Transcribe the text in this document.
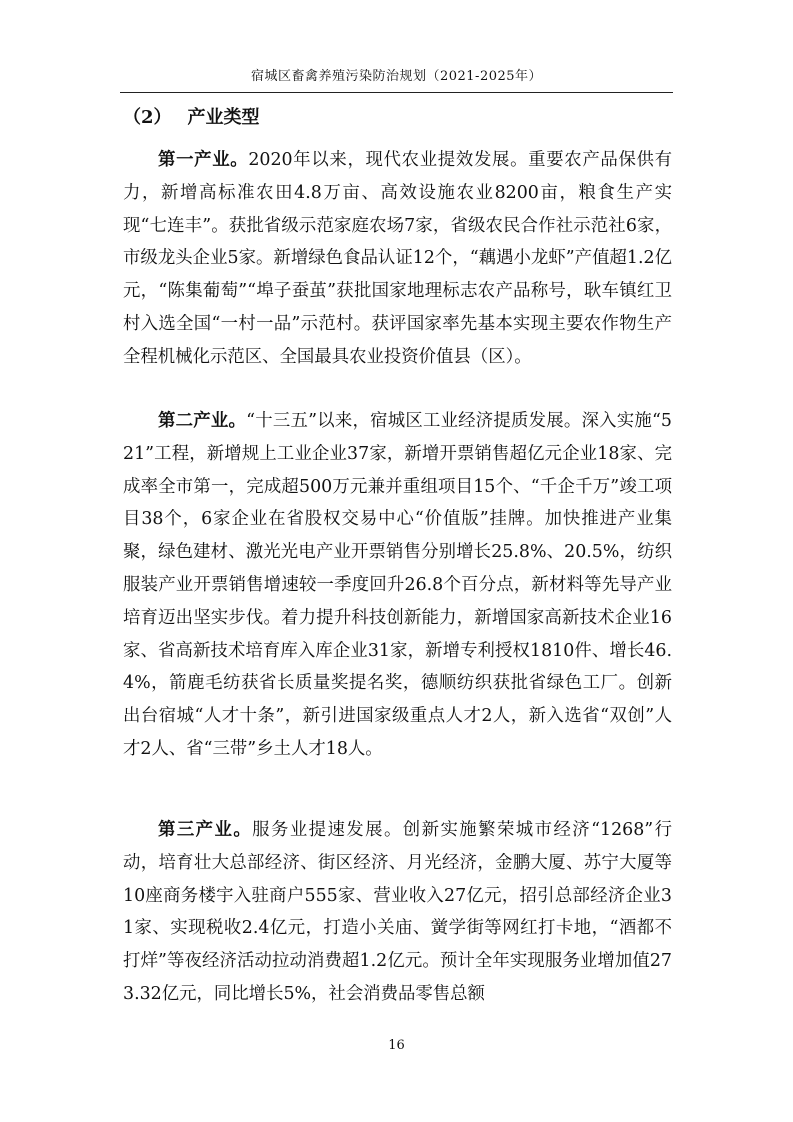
宿城区畜禽养殖污染防治规划（2021-2025年）
（2） 产业类型

第一产业。2020年以来，现代农业提效发展。重要农产品保供有力，新增高标准农田4.8万亩、高效设施农业8200亩，粮食生产实现“七连丰”。获批省级示范家庭农场7家，省级农民合作社示范社6家，市级龙头企业5家。新增绿色食品认证12个，“藕遇小龙虾”产值超1.2亿元，“陈集葡萄”“埠子蚕茧”获批国家地理标志农产品称号，耿车镇红卫村入选全国“一村一品”示范村。获评国家率先基本实现主要农作物生产全程机械化示范区、全国最具农业投资价值县（区）。

第二产业。“十三五”以来，宿城区工业经济提质发展。深入实施“521”工程，新增规上工业企业37家，新增开票销售超亿元企业18家、完成率全市第一，完成超500万元兼并重组项目15个、“千企千万”竣工项目38个，6家企业在省股权交易中心“价值版”挂牌。加快推进产业集聚，绿色建材、激光光电产业开票销售分别增长25.8%、20.5%，纺织服装产业开票销售增速较一季度回升26.8个百分点，新材料等先导产业培育迈出坚实步伐。着力提升科技创新能力，新增国家高新技术企业16家、省高新技术培育库入库企业31家，新增专利授权1810件、增长46.4%，箭鹿毛纺获省长质量奖提名奖，德顺纺织获批省绿色工厂。创新出台宿城“人才十条”，新引进国家级重点人才2人，新入选省“双创”人才2人、省“三带”乡土人才18人。

第三产业。服务业提速发展。创新实施繁荣城市经济“1268”行动，培育壮大总部经济、街区经济、月光经济，金鹏大厦、苏宁大厦等10座商务楼宇入驻商户555家、营业收入27亿元，招引总部经济企业31家、实现税收2.4亿元，打造小关庙、黉学街等网红打卡地，“酒都不打烊”等夜经济活动拉动消费超1.2亿元。预计全年实现服务业增加值273.32亿元，同比增长5%，社会消费品零售总额

16
